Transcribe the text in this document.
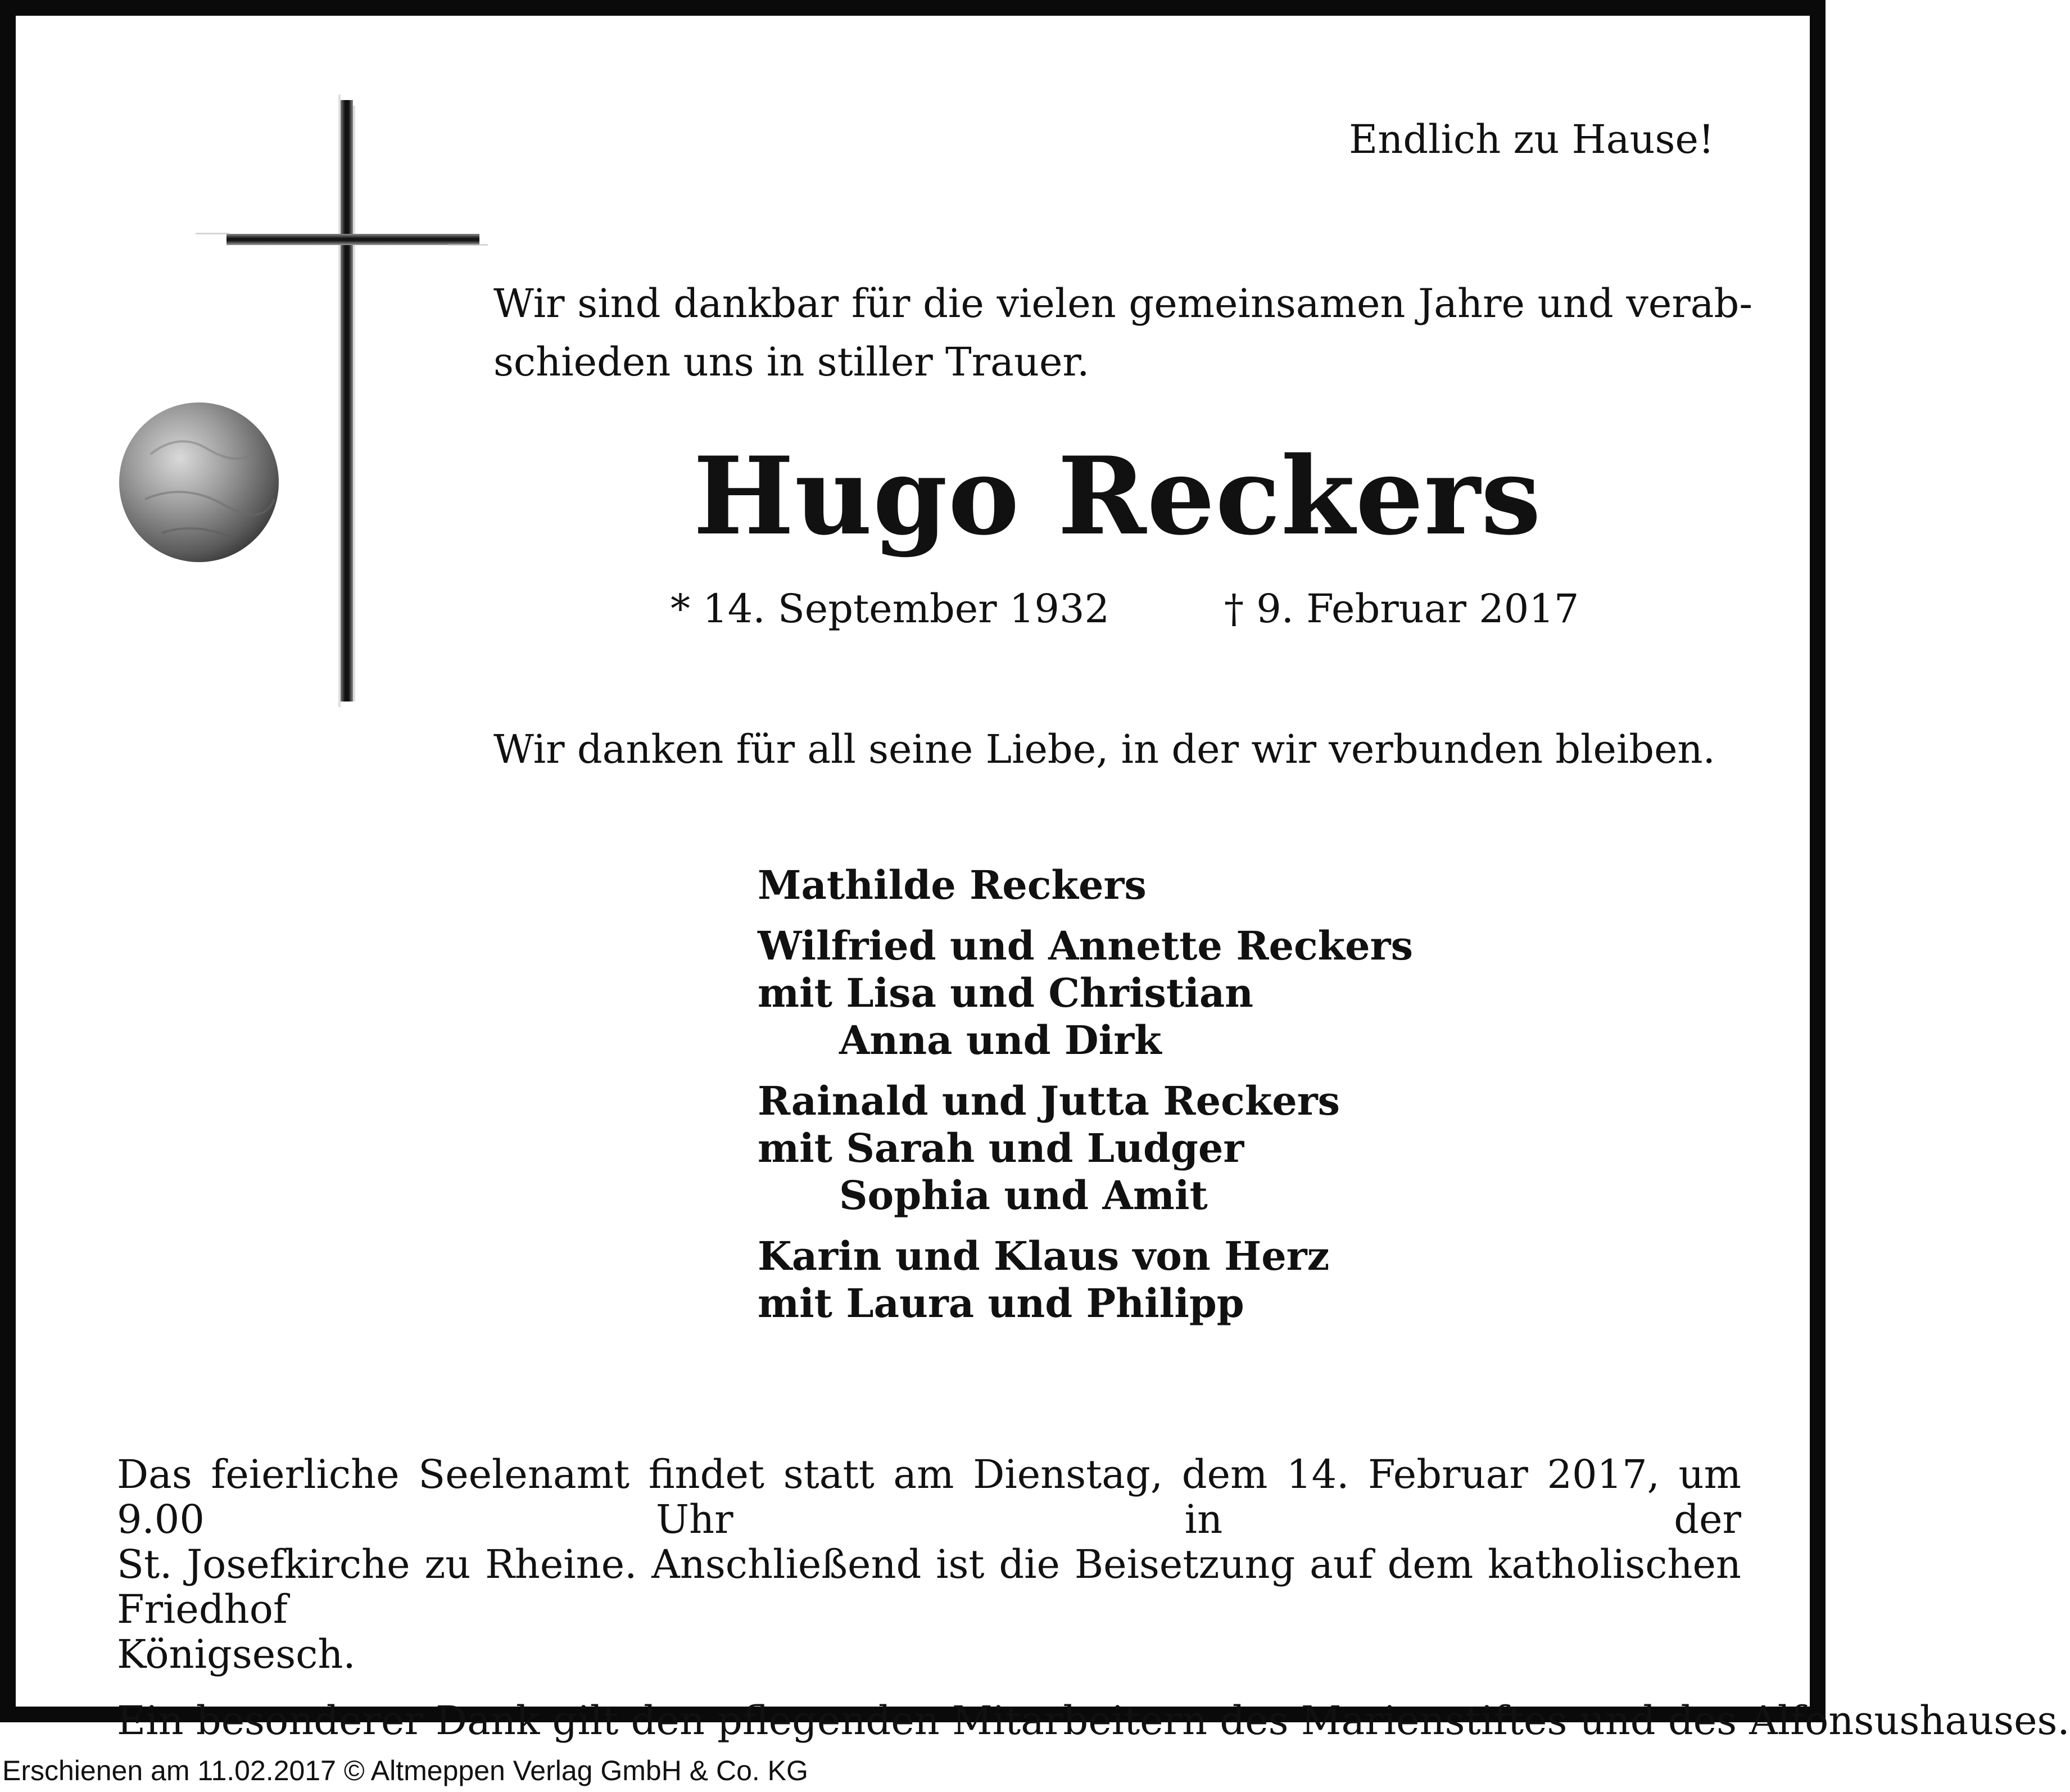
Endlich zu Hause!
Wir sind dankbar für die vielen gemeinsamen Jahre und verab-
schieden uns in stiller Trauer.
Hugo Reckers
* 14. September 1932	† 9. Februar 2017
Wir danken für all seine Liebe, in der wir verbunden bleiben.
Mathilde Reckers
Wilfried und Annette Reckers
mit Lisa und Christian
Anna und Dirk
Rainald und Jutta Reckers
mit Sarah und Ludger
Sophia und Amit
Karin und Klaus von Herz
mit Laura und Philipp
Das feierliche Seelenamt findet statt am Dienstag, dem 14. Februar 2017, um 9.00 Uhr in der
St. Josefkirche zu Rheine. Anschließend ist die Beisetzung auf dem katholischen Friedhof
Königsesch.
Ein besonderer Dank gilt den pflegenden Mitarbeitern des Marienstiftes und des Alfonsushauses.
Erschienen am 11.02.2017 © Altmeppen Verlag GmbH & Co. KG
